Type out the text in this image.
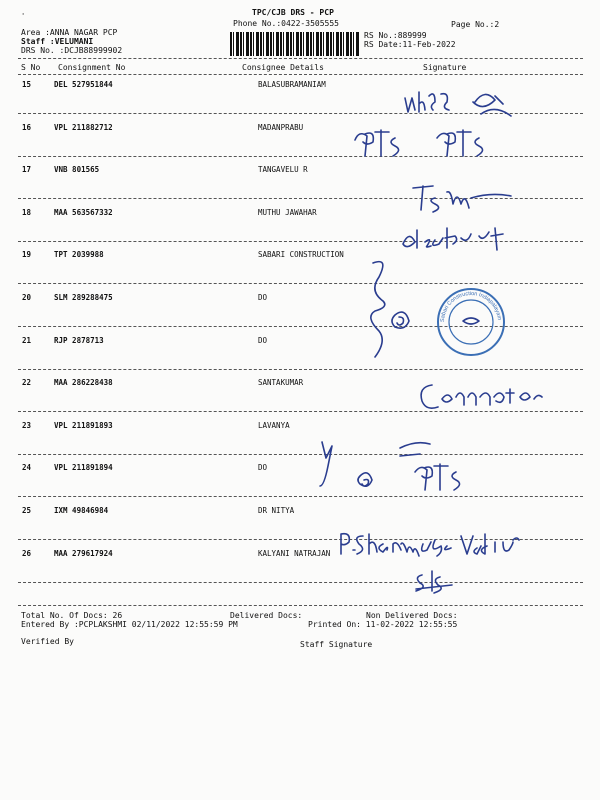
'	TPC/CJB DRS - PCP
Phone No.:0422-3505555	Page No.:2
Area :ANNA NAGAR PCP
Staff :VELUMANI
DRS No. :DCJB88999902
RS No.:889999
RS Date:11-Feb-2022
S No Consignment No	Consignee Details	Signature
15	DEL 527951844	BALASUBRAMANIAM
16	VPL 211882712	MADANPRABU
17	VNB 801565	TANGAVELU R
18	MAA 563567332	MUTHU JAWAHAR
19	TPT 2039988	SABARI CONSTRUCTION
20	SLM 289288475	DO
21	RJP 2878713	DO
22	MAA 286228438	SANTAKUMAR
23	VPL 211891893	LAVANYA
24	VPL 211891894	DO
25	IXM 49846984	DR NITYA
26	MAA 279617924	KALYANI NATRAJAN
Sabari Construction Indiapalayam
Total No. Of Docs: 26	Delivered Docs:	Non Delivered Docs:
Entered By :PCPLAKSHMI 02/11/2022 12:55:59 PM	Printed On: 11-02-2022 12:55:55
Verified By	Staff Signature
